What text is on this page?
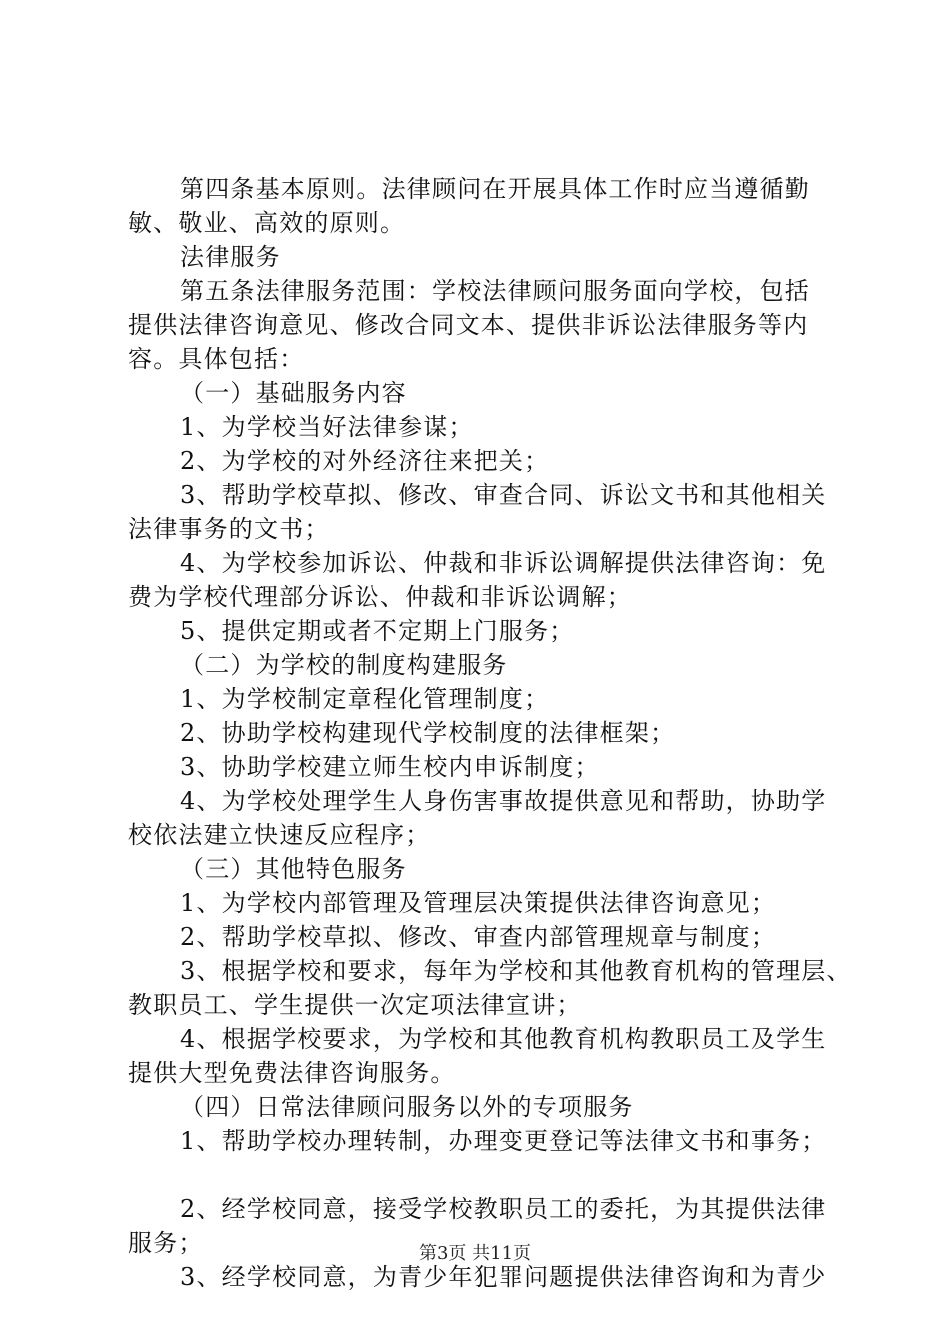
第四条基本原则。法律顾问在开展具体工作时应当遵循勤
敏、敬业、高效的原则。
法律服务
第五条法律服务范围：学校法律顾问服务面向学校，包括
提供法律咨询意见、修改合同文本、提供非诉讼法律服务等内
容。具体包括：
（一）基础服务内容
1、为学校当好法律参谋；
2、为学校的对外经济往来把关；
3、帮助学校草拟、修改、审查合同、诉讼文书和其他相关
法律事务的文书；
4、为学校参加诉讼、仲裁和非诉讼调解提供法律咨询：免
费为学校代理部分诉讼、仲裁和非诉讼调解；
5、提供定期或者不定期上门服务；
（二）为学校的制度构建服务
1、为学校制定章程化管理制度；
2、协助学校构建现代学校制度的法律框架；
3、协助学校建立师生校内申诉制度；
4、为学校处理学生人身伤害事故提供意见和帮助，协助学
校依法建立快速反应程序；
（三）其他特色服务
1、为学校内部管理及管理层决策提供法律咨询意见；
2、帮助学校草拟、修改、审查内部管理规章与制度；
3、根据学校和要求，每年为学校和其他教育机构的管理层、
教职员工、学生提供一次定项法律宣讲；
4、根据学校要求，为学校和其他教育机构教职员工及学生
提供大型免费法律咨询服务。
（四）日常法律顾问服务以外的专项服务
1、帮助学校办理转制，办理变更登记等法律文书和事务；
2、经学校同意，接受学校教职员工的委托，为其提供法律
服务；
3、经学校同意，为青少年犯罪问题提供法律咨询和为青少
第3页 共11页
